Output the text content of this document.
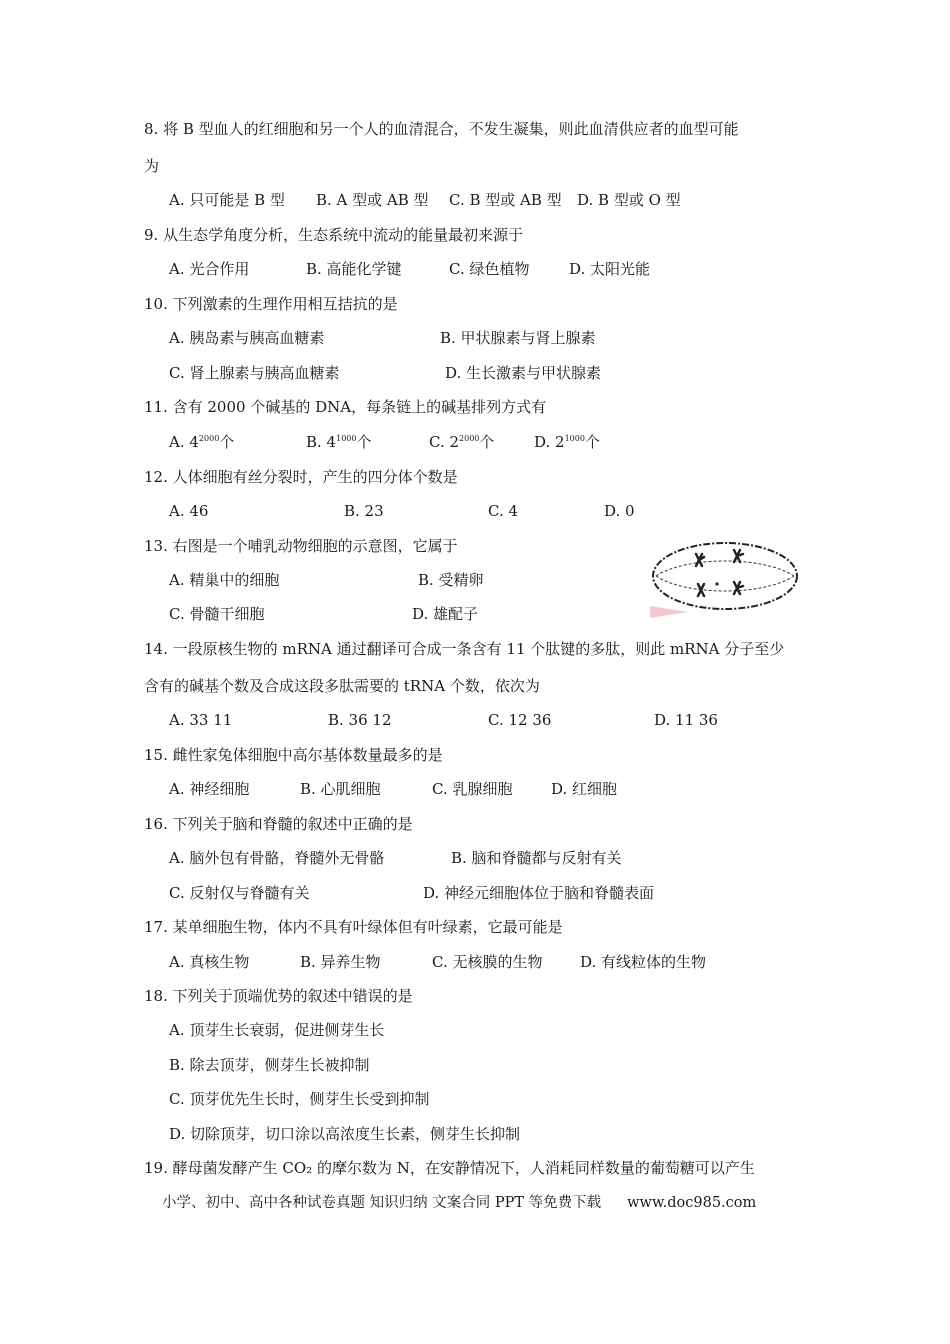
8. 将 B 型血人的红细胞和另一个人的血清混合，不发生凝集，则此血清供应者的血型可能
为
A. 只可能是 B 型 B. A 型或 AB 型 C. B 型或 AB 型 D. B 型或 O 型
9. 从生态学角度分析，生态系统中流动的能量最初来源于
A. 光合作用	B. 高能化学键	C. 绿色植物	D. 太阳光能
10. 下列激素的生理作用相互拮抗的是
A. 胰岛素与胰高血糖素	B. 甲状腺素与肾上腺素
C. 肾上腺素与胰高血糖素	D. 生长激素与甲状腺素
11. 含有 2000 个碱基的 DNA，每条链上的碱基排列方式有
A. $4^{2000}$个	B. $4^{1000}$个	C. $2^{2000}$个	D. $2^{1000}$个
12. 人体细胞有丝分裂时，产生的四分体个数是
A. 46	B. 23	C. 4	D. 0
13. 右图是一个哺乳动物细胞的示意图，它属于
A. 精巢中的细胞	B. 受精卵
C. 骨髓干细胞	D. 雄配子
14. 一段原核生物的 mRNA 通过翻译可合成一条含有 11 个肽键的多肽，则此 mRNA 分子至少
含有的碱基个数及合成这段多肽需要的 tRNA 个数，依次为
A. 33 11	B. 36 12	C. 12 36	D. 11 36
15. 雌性家兔体细胞中高尔基体数量最多的是
A. 神经细胞	B. 心肌细胞	C. 乳腺细胞	D. 红细胞
16. 下列关于脑和脊髓的叙述中正确的是
A. 脑外包有骨骼，脊髓外无骨骼	B. 脑和脊髓都与反射有关
C. 反射仅与脊髓有关	D. 神经元细胞体位于脑和脊髓表面
17. 某单细胞生物，体内不具有叶绿体但有叶绿素，它最可能是
A. 真核生物	B. 异养生物	C. 无核膜的生物	D. 有线粒体的生物
18. 下列关于顶端优势的叙述中错误的是
A. 顶芽生长衰弱，促进侧芽生长
B. 除去顶芽，侧芽生长被抑制
C. 顶芽优先生长时，侧芽生长受到抑制
D. 切除顶芽，切口涂以高浓度生长素，侧芽生长抑制
19. 酵母菌发酵产生 CO₂ 的摩尔数为 N，在安静情况下，人消耗同样数量的葡萄糖可以产生
小学、初中、高中各种试卷真题 知识归纳 文案合同 PPT 等免费下载 www.doc985.com
